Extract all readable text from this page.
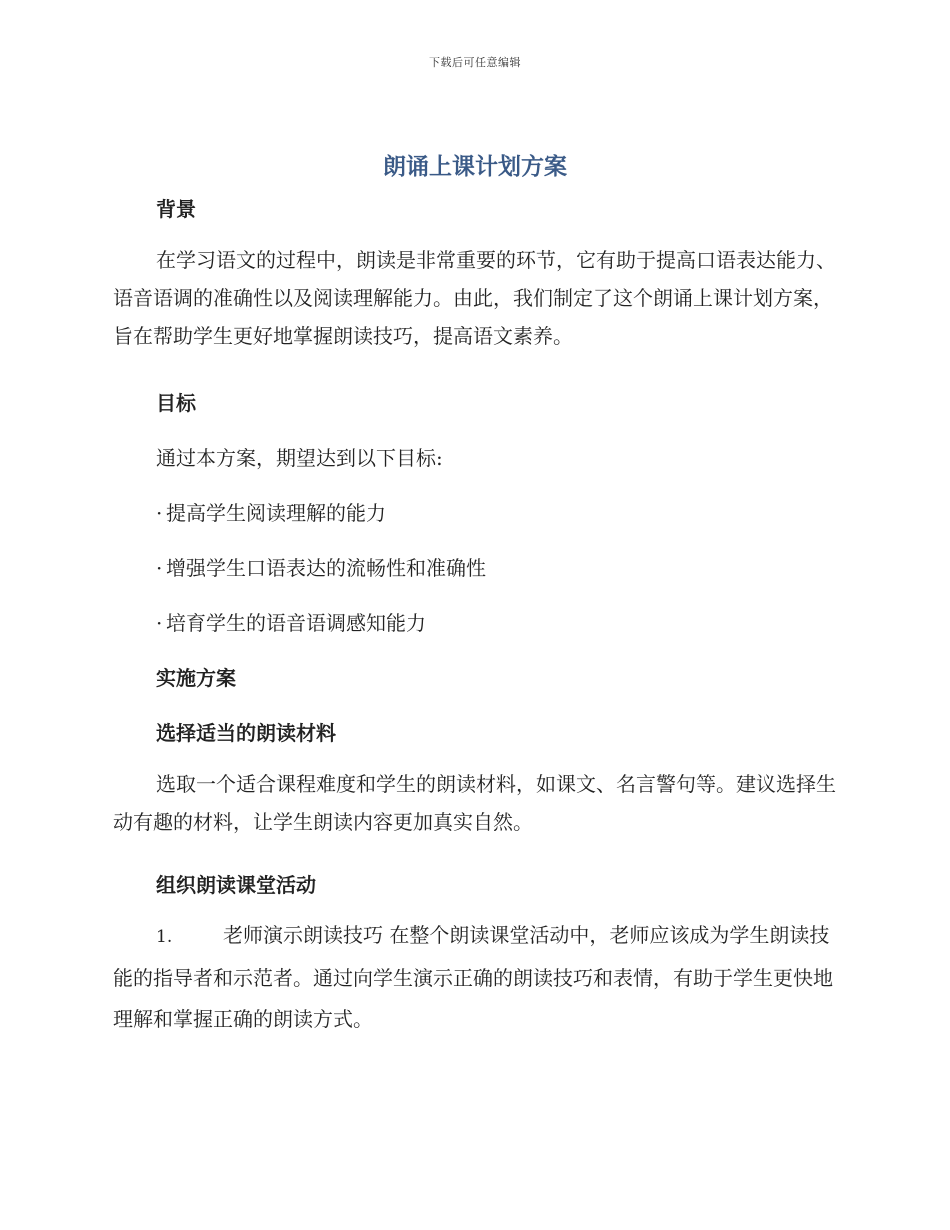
下载后可任意编辑
朗诵上课计划方案
背景
在学习语文的过程中，朗读是非常重要的环节，它有助于提高口语表达能力、语音语调的准确性以及阅读理解能力。由此，我们制定了这个朗诵上课计划方案，旨在帮助学生更好地掌握朗读技巧，提高语文素养。
目标
通过本方案，期望达到以下目标:
· 提高学生阅读理解的能力
· 增强学生口语表达的流畅性和准确性
· 培育学生的语音语调感知能力
实施方案
选择适当的朗读材料
选取一个适合课程难度和学生的朗读材料，如课文、名言警句等。建议选择生动有趣的材料，让学生朗读内容更加真实自然。
组织朗读课堂活动
1.	老师演示朗读技巧 在整个朗读课堂活动中，老师应该成为学生朗读技能的指导者和示范者。通过向学生演示正确的朗读技巧和表情，有助于学生更快地理解和掌握正确的朗读方式。
